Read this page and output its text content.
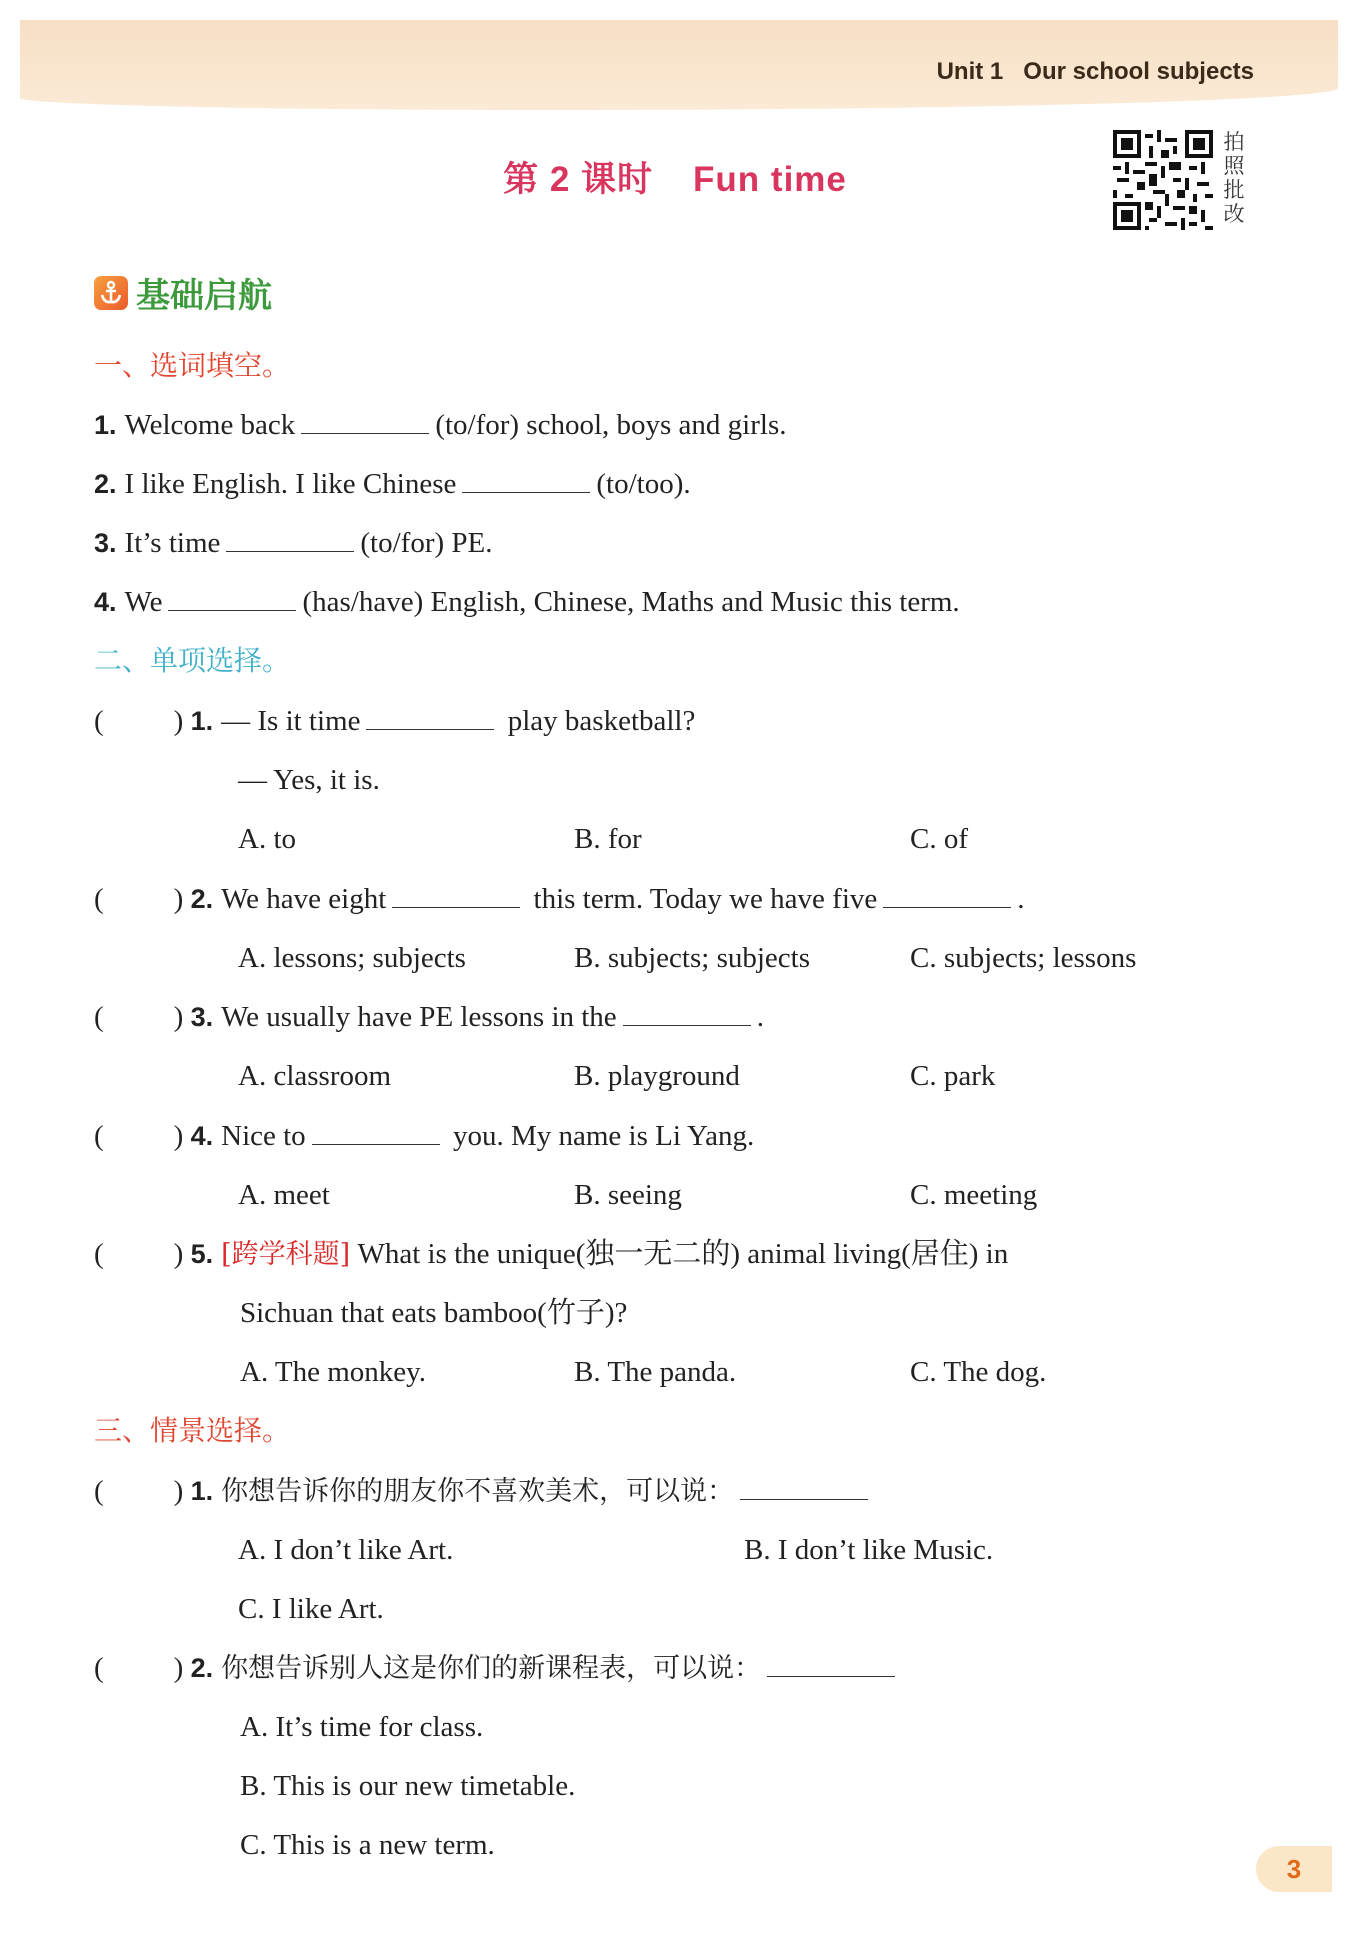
Unit 1 Our school subjects
第 2 课时 Fun time
拍照批改
基础启航
一、选词填空。
1. Welcome back	(to/for) school, boys and girls.
2. I like English. I like Chinese	(to/too).
3. It’s time	(to/for) PE.
4. We	(has/have) English, Chinese, Maths and Music this term.
二、单项选择。
( ) 1. — Is it time	play basketball?
— Yes, it is.
A. to	B. for	C. of
( ) 2. We have eight	this term. Today we have five	.
A. lessons; subjects	B. subjects; subjects	C. subjects; lessons
( ) 3. We usually have PE lessons in the	.
A. classroom	B. playground	C. park
( ) 4. Nice to	you. My name is Li Yang.
A. meet	B. seeing	C. meeting
( ) 5. [跨学科题] What is the unique(独一无二的) animal living(居住) in
Sichuan that eats bamboo(竹子)?
A. The monkey.	B. The panda.	C. The dog.
三、情景选择。
( ) 1. 你想告诉你的朋友你不喜欢美术，可以说：
A. I don’t like Art.	B. I don’t like Music.
C. I like Art.
( ) 2. 你想告诉别人这是你们的新课程表，可以说：
A. It’s time for class.
B. This is our new timetable.
C. This is a new term.
3
